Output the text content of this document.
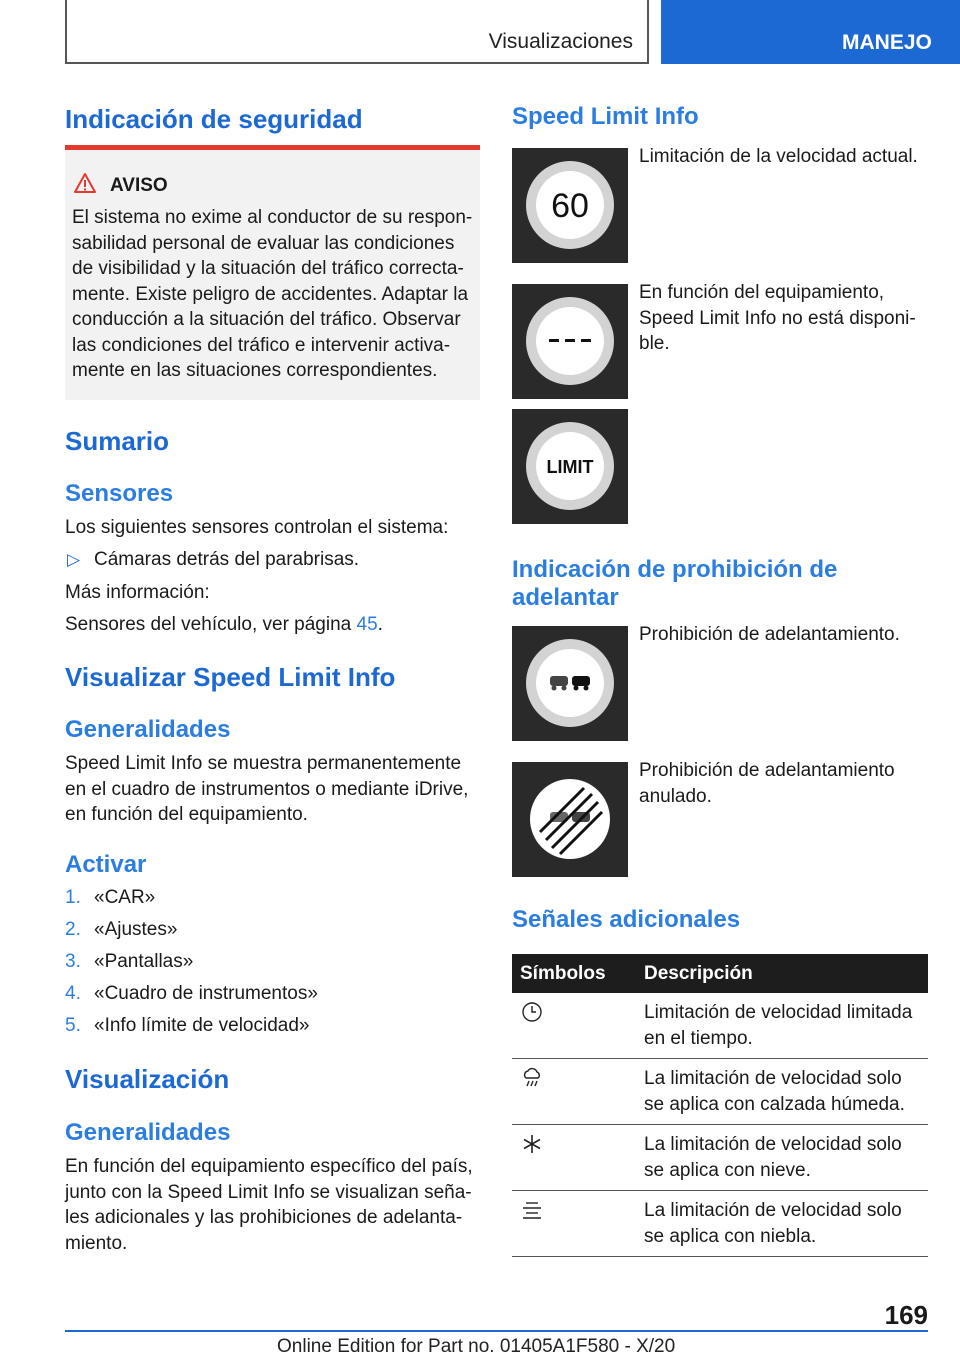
Visualizaciones	MANEJO
Indicación de seguridad
AVISO
El sistema no exime al conductor de su respon-sabilidad personal de evaluar las condiciones de visibilidad y la situación del tráfico correcta-mente. Existe peligro de accidentes. Adaptar la conducción a la situación del tráfico. Observar las condiciones del tráfico e intervenir activa-mente en las situaciones correspondientes.
Sumario
Sensores

Los siguientes sensores controlan el sistema:

▷ Cámaras detrás del parabrisas.

Más información:

Sensores del vehículo, ver página 45.

Visualizar Speed Limit Info
Generalidades

Speed Limit Info se muestra permanentemente en el cuadro de instrumentos o mediante iDrive, en función del equipamiento.

Activar
1. «CAR»
2. «Ajustes»
3. «Pantallas»
4. «Cuadro de instrumentos»
5. «Info límite de velocidad»
Visualización
Generalidades

En función del equipamiento específico del país, junto con la Speed Limit Info se visualizan seña-les adicionales y las prohibiciones de adelanta-miento.

Speed Limit Info
60

Limitación de la velocidad actual.

En función del equipamiento, Speed Limit Info no está disponi-ble.

LIMIT
Indicación de prohibición de adelantar

Prohibición de adelantamiento.

Prohibición de adelantamiento anulado.

Señales adicionales
Símbolos	Descripción
	Limitación de velocidad limitada en el tiempo.
	La limitación de velocidad solo se aplica con calzada húmeda.
	La limitación de velocidad solo se aplica con nieve.
	La limitación de velocidad solo se aplica con niebla.
169
Online Edition for Part no. 01405A1F580 - X/20
